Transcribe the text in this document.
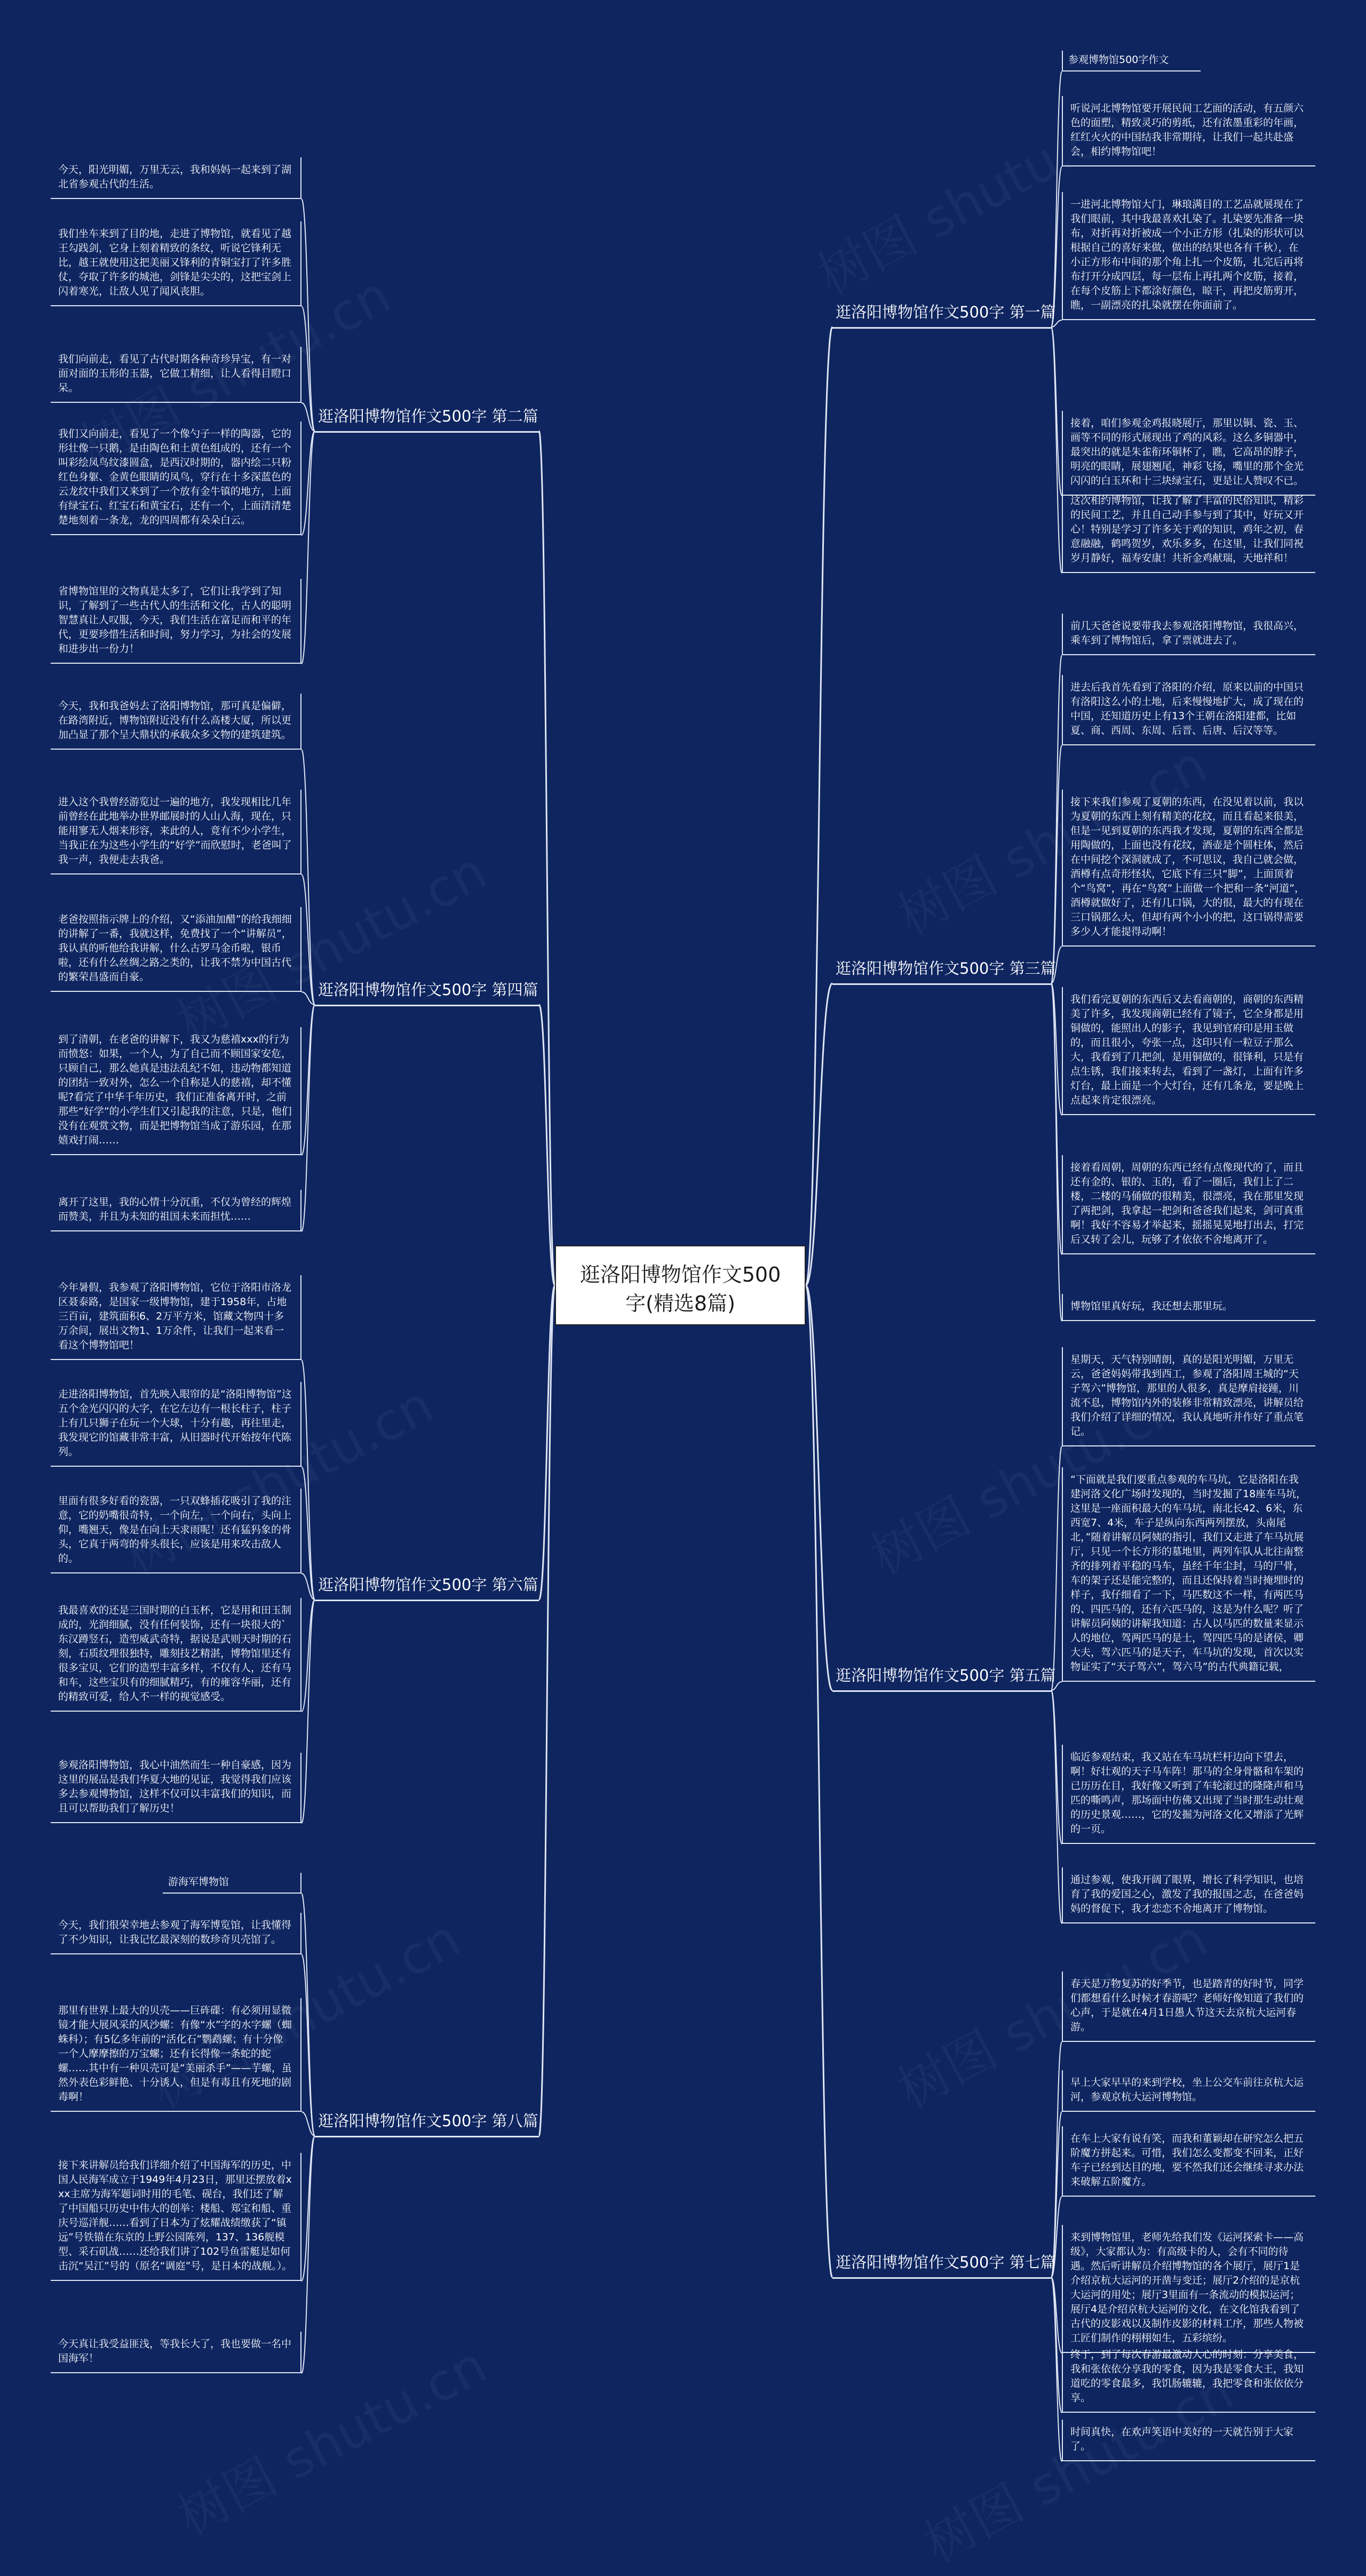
逛洛阳博物馆作文500字(精选8篇)
逛洛阳博物馆作文500字 第一篇
参观博物馆500字作文
听说河北博物馆要开展民间工艺面的活动，有五颜六色的面塑，精致灵巧的剪纸，还有浓墨重彩的年画，红红火火的中国结我非常期待，让我们一起共赴盛会，相约博物馆吧！
一进河北博物馆大门，琳琅满目的工艺品就展现在了我们眼前，其中我最喜欢扎染了。扎染要先准备一块布，对折再对折被成一个小正方形（扎染的形状可以根据自己的喜好来做，做出的结果也各有千秋），在小正方形布中间的那个角上扎一个皮筋，扎完后再将布打开分成四层，每一层布上再扎两个皮筋，接着，在每个皮筋上下都涂好颜色，晾干，再把皮筋剪开，瞧，一副漂亮的扎染就摆在你面前了。
接着，咱们参观金鸡报晓展厅，那里以铜、瓷、玉、画等不同的形式展现出了鸡的风彩。这么多铜器中，最突出的就是朱雀衔环铜杯了，瞧，它高昂的脖子，明亮的眼睛，展翅翘尾，神彩飞扬，嘴里的那个金光闪闪的白玉环和十三块绿宝石，更是让人赞叹不已。
这次相约博物馆，让我了解了丰富的民俗知识，精彩的民间工艺，并且自己动手参与到了其中，好玩又开心！特别是学习了许多关于鸡的知识，鸡年之初，春意融融，鹤鸣贺岁，欢乐多多，在这里，让我们同祝岁月静好，福寿安康！共祈金鸡献瑞，天地祥和！
逛洛阳博物馆作文500字 第二篇
今天，阳光明媚，万里无云，我和妈妈一起来到了湖北省参观古代的生活。
我们坐车来到了目的地，走进了博物馆，就看见了越王勾践剑，它身上刻着精致的条纹，听说它锋利无比，越王就使用这把美丽又锋利的青铜宝打了许多胜仗，夺取了许多的城池，剑锋是尖尖的，这把宝剑上闪着寒光，让敌人见了闻风丧胆。
我们向前走，看见了古代时期各种奇珍异宝，有一对面对面的玉形的玉器，它做工精细，让人看得目瞪口呆。
我们又向前走，看见了一个像勺子一样的陶器，它的形壮像一只鹅，是由陶色和土黄色组成的，还有一个叫彩绘凤鸟纹漆圆盒，是西汉时期的，器内绘二只粉红色身躯、金黄色眼睛的凤鸟，穿行在十多深蓝色的云龙纹中我们又来到了一个放有金牛镇的地方，上面有绿宝石、红宝石和黄宝石，还有一个，上面清清楚楚地刻着一条龙，龙的四周都有朵朵白云。
省博物馆里的文物真是太多了，它们让我学到了知识，了解到了一些古代人的生活和文化，古人的聪明智慧真让人叹服，今天，我们生活在富足而和平的年代，更要珍惜生活和时间，努力学习，为社会的发展和进步出一份力！
逛洛阳博物馆作文500字 第三篇
前几天爸爸说要带我去参观洛阳博物馆，我很高兴，乘车到了博物馆后，拿了票就进去了。
进去后我首先看到了洛阳的介绍，原来以前的中国只有洛阳这么小的土地，后来慢慢地扩大，成了现在的中国，还知道历史上有13个王朝在洛阳建都，比如夏、商、西周、东周、后晋、后唐、后汉等等。
接下来我们参观了夏朝的东西，在没见着以前，我以为夏朝的东西上刻有精美的花纹，而且看起来很美，但是一见到夏朝的东西我才发现，夏朝的东西全都是用陶做的，上面也没有花纹，酒壶是个圆柱体，然后在中间挖个深洞就成了，不可思议，我自己就会做，酒樽有点奇形怪状，它底下有三只“脚”，上面顶着个“鸟窝”，再在“鸟窝”上面做一个把和一条“河道”，酒樽就做好了，还有几口锅，大的很，最大的有现在三口锅那么大，但却有两个小小的把，这口锅得需要多少人才能提得动啊！
我们看完夏朝的东西后又去看商朝的，商朝的东西精美了许多，我发现商朝已经有了镜子，它全身都是用铜做的，能照出人的影子，我见到官府印是用玉做的，而且很小，夸张一点，这印只有一粒豆子那么大，我看到了几把剑，是用铜做的，很锋利，只是有点生锈，我们接来转去，看到了一盏灯，上面有许多灯台，最上面是一个大灯台，还有几条龙，要是晚上点起来肯定很漂亮。
接着看周朝，周朝的东西已经有点像现代的了，而且还有金的、银的、玉的，看了一圈后，我们上了二楼，二楼的马俑做的很精美，很漂亮，我在那里发现了两把剑，我拿起一把剑和爸爸我们起来，剑可真重啊！我好不容易才举起来，摇摇晃晃地打出去，打完后又转了会儿，玩够了才依依不舍地离开了。
博物馆里真好玩，我还想去那里玩。
逛洛阳博物馆作文500字 第四篇
今天，我和我爸妈去了洛阳博物馆，那可真是偏僻，在路湾附近，博物馆附近没有什么高楼大厦，所以更加凸显了那个呈大鼎状的承载众多文物的建筑建筑。
进入这个我曾经游览过一遍的地方，我发现相比几年前曾经在此地举办世界邮展时的人山人海，现在，只能用寥无人烟来形容，来此的人，竟有不少小学生，当我正在为这些小学生的“好学”而欣慰时，老爸叫了我一声，我便走去我爸。
老爸按照指示牌上的介绍，又“添油加醋”的给我细细的讲解了一番，我就这样，免费找了一个“讲解员”，我认真的听他给我讲解，什么古罗马金币啦，银币啦，还有什么丝绸之路之类的，让我不禁为中国古代的繁荣昌盛而自豪。
到了清朝，在老爸的讲解下，我又为慈禧xxx的行为而愤怒：如果，一个人，为了自己而不顾国家安危，只顾自己，那么她真是违法乱纪不如，违动物都知道的团结一致对外，怎么一个自称是人的慈禧，却不懂呢?看完了中华千年历史，我们正准备离开时，之前那些“好学”的小学生们又引起我的注意，只是，他们没有在观赏文物，而是把博物馆当成了游乐园，在那嬉戏打闹……
离开了这里，我的心情十分沉重，不仅为曾经的辉煌而赞美，并且为未知的祖国未来而担忧……
逛洛阳博物馆作文500字 第五篇
星期天，天气特别晴朗，真的是阳光明媚，万里无云，爸爸妈妈带我到西工，参观了洛阳周王城的“天子驾六”博物馆，那里的人很多，真是摩肩接踵，川流不息，博物馆内外的装修非常精致漂亮，讲解员给我们介绍了详细的情况，我认真地听并作好了重点笔记。
“下面就是我们要重点参观的车马坑，它是洛阳在我建河洛文化广场时发现的，当时发掘了18座车马坑，这里是一座面积最大的车马坑，南北长42、6米，东西宽7、4米，车子是纵向东西两列摆放，头南尾北，”随着讲解员阿姨的指引，我们又走进了车马坑展厅，只见一个长方形的墓地里，两列车队从北往南整齐的排列着平稳的马车，虽经千年尘封，马的尸骨，车的架子还是能完整的，而且还保持着当时掩埋时的样子，我仔细看了一下，马匹数这不一样，有两匹马的、四匹马的，还有六匹马的，这是为什么呢？听了讲解员阿姨的讲解我知道：古人以马匹的数量来显示人的地位，驾两匹马的是士，驾四匹马的是诸侯，卿大夫，驾六匹马的是天子，车马坑的发现，首次以实物证实了“天子驾六”，驾六马”的古代典籍记载，
临近参观结束，我又站在车马坑栏杆边向下望去，啊！好壮观的天子马车阵！那马的全身骨骼和车架的已历历在目，我好像又听到了车轮滚过的隆隆声和马匹的嘶鸣声，那场面中仿佛又出现了当时那生动壮观的历史景观……，它的发掘为河洛文化又增添了光辉的一页。
通过参观，使我开阔了眼界，增长了科学知识，也培育了我的爱国之心，激发了我的报国之志，在爸爸妈妈的督促下，我才恋恋不舍地离开了博物馆。
逛洛阳博物馆作文500字 第六篇
今年暑假，我参观了洛阳博物馆，它位于洛阳市洛龙区聂泰路，是国家一级博物馆，建于1958年，占地三百亩，建筑面积6、2万平方米，馆藏文物四十多万余间，展出文物1、1万余件，让我们一起来看一看这个博物馆吧！
走进洛阳博物馆，首先映入眼帘的是“洛阳博物馆”这五个金光闪闪的大字，在它左边有一根长柱子，柱子上有几只狮子在玩一个大球，十分有趣，再往里走，我发现它的馆藏非常丰富，从旧器时代开始按年代陈列。
里面有很多好看的瓷器，一只双蜂插花吸引了我的注意，它的奶嘴很奇特，一个向左，一个向右，头向上仰，嘴翘天，像是在向上天求雨呢！还有猛犸象的骨头，它真于两弯的骨头很长，应该是用来攻击敌人的。
我最喜欢的还是三国时期的白玉杯，它是用和田玉制成的，光润细腻，没有任何装饰，还有一块很大的`东汉蹲竖石，造型威武奇特，据说是武则天时期的石刻，石质纹理很独特，雕刻技艺精湛，博物馆里还有很多宝贝，它们的造型丰富多样，不仅有人，还有马和车，这些宝贝有的细腻精巧，有的雍容华丽，还有的精致可爱，给人不一样的视觉感受。
参观洛阳博物馆，我心中油然而生一种自豪感，因为这里的展品是我们华夏大地的见证，我觉得我们应该多去参观博物馆，这样不仅可以丰富我们的知识，而且可以帮助我们了解历史！
逛洛阳博物馆作文500字 第七篇
春天是万物复苏的好季节，也是踏青的好时节，同学们都想看什么时候才春游呢？老师好像知道了我们的心声，于是就在4月1日愚人节这天去京杭大运河春游。
早上大家早早的来到学校，坐上公交车前往京杭大运河，参观京杭大运河博物馆。
在车上大家有说有笑，而我和董颖却在研究怎么把五阶魔方拼起来。可惜，我们怎么变都变不回来，正好车子已经到达目的地，要不然我们还会继续寻求办法来破解五阶魔方。
来到博物馆里，老师先给我们发《运河探索卡——高级》，大家都认为：有高级卡的人，会有不同的待遇。然后听讲解员介绍博物馆的各个展厅，展厅1是介绍京杭大运河的开凿与变迁；展厅2介绍的是京杭大运河的用处；展厅3里面有一条流动的模拟运河；展厅4是介绍京杭大运河的文化，在文化馆我看到了古代的皮影戏以及制作皮影的材料工序，那些人物被工匠们制作的栩栩如生，五彩缤纷。
终于，到了每次春游最激动人心的时刻：分享美食，我和张依依分享我的零食，因为我是零食大王，我知道吃的零食最多，我饥肠辘辘，我把零食和张依依分享。
时间真快，在欢声笑语中美好的一天就告别于大家了。
逛洛阳博物馆作文500字 第八篇
游海军博物馆
今天，我们很荣幸地去参观了海军博览馆，让我懂得了不少知识，让我记忆最深刻的数珍奇贝壳馆了。
那里有世界上最大的贝壳——巨砗磲：有必须用显微镜才能大展风采的风沙螺：有像“水”字的水字螺（蜘蛛科）；有5亿多年前的“活化石”鹦鹉螺；有十分像一个人摩摩擦的万宝螺；还有长得像一条蛇的蛇螺……其中有一种贝壳可是“美丽杀手”——芋螺，虽然外表色彩鲜艳、十分诱人，但是有毒且有死地的剧毒啊！
接下来讲解员给我们详细介绍了中国海军的历史，中国人民海军成立于1949年4月23日，那里还摆放着xxx主席为海军题词时用的毛笔、砚台，我们还了解了中国船只历史中伟大的创举：楼船、郑宝和船、重庆号巡洋舰……看到了日本为了炫耀战绩缴获了“镇远”号铁锚在东京的上野公园陈列，137、136舰模型、采石矶战……还给我们讲了102号鱼雷艇是如何击沉“吴江”号的（原名“调庭”号，是日本的战舰。）。
今天真让我受益匪浅，等我长大了，我也要做一名中国海军！
